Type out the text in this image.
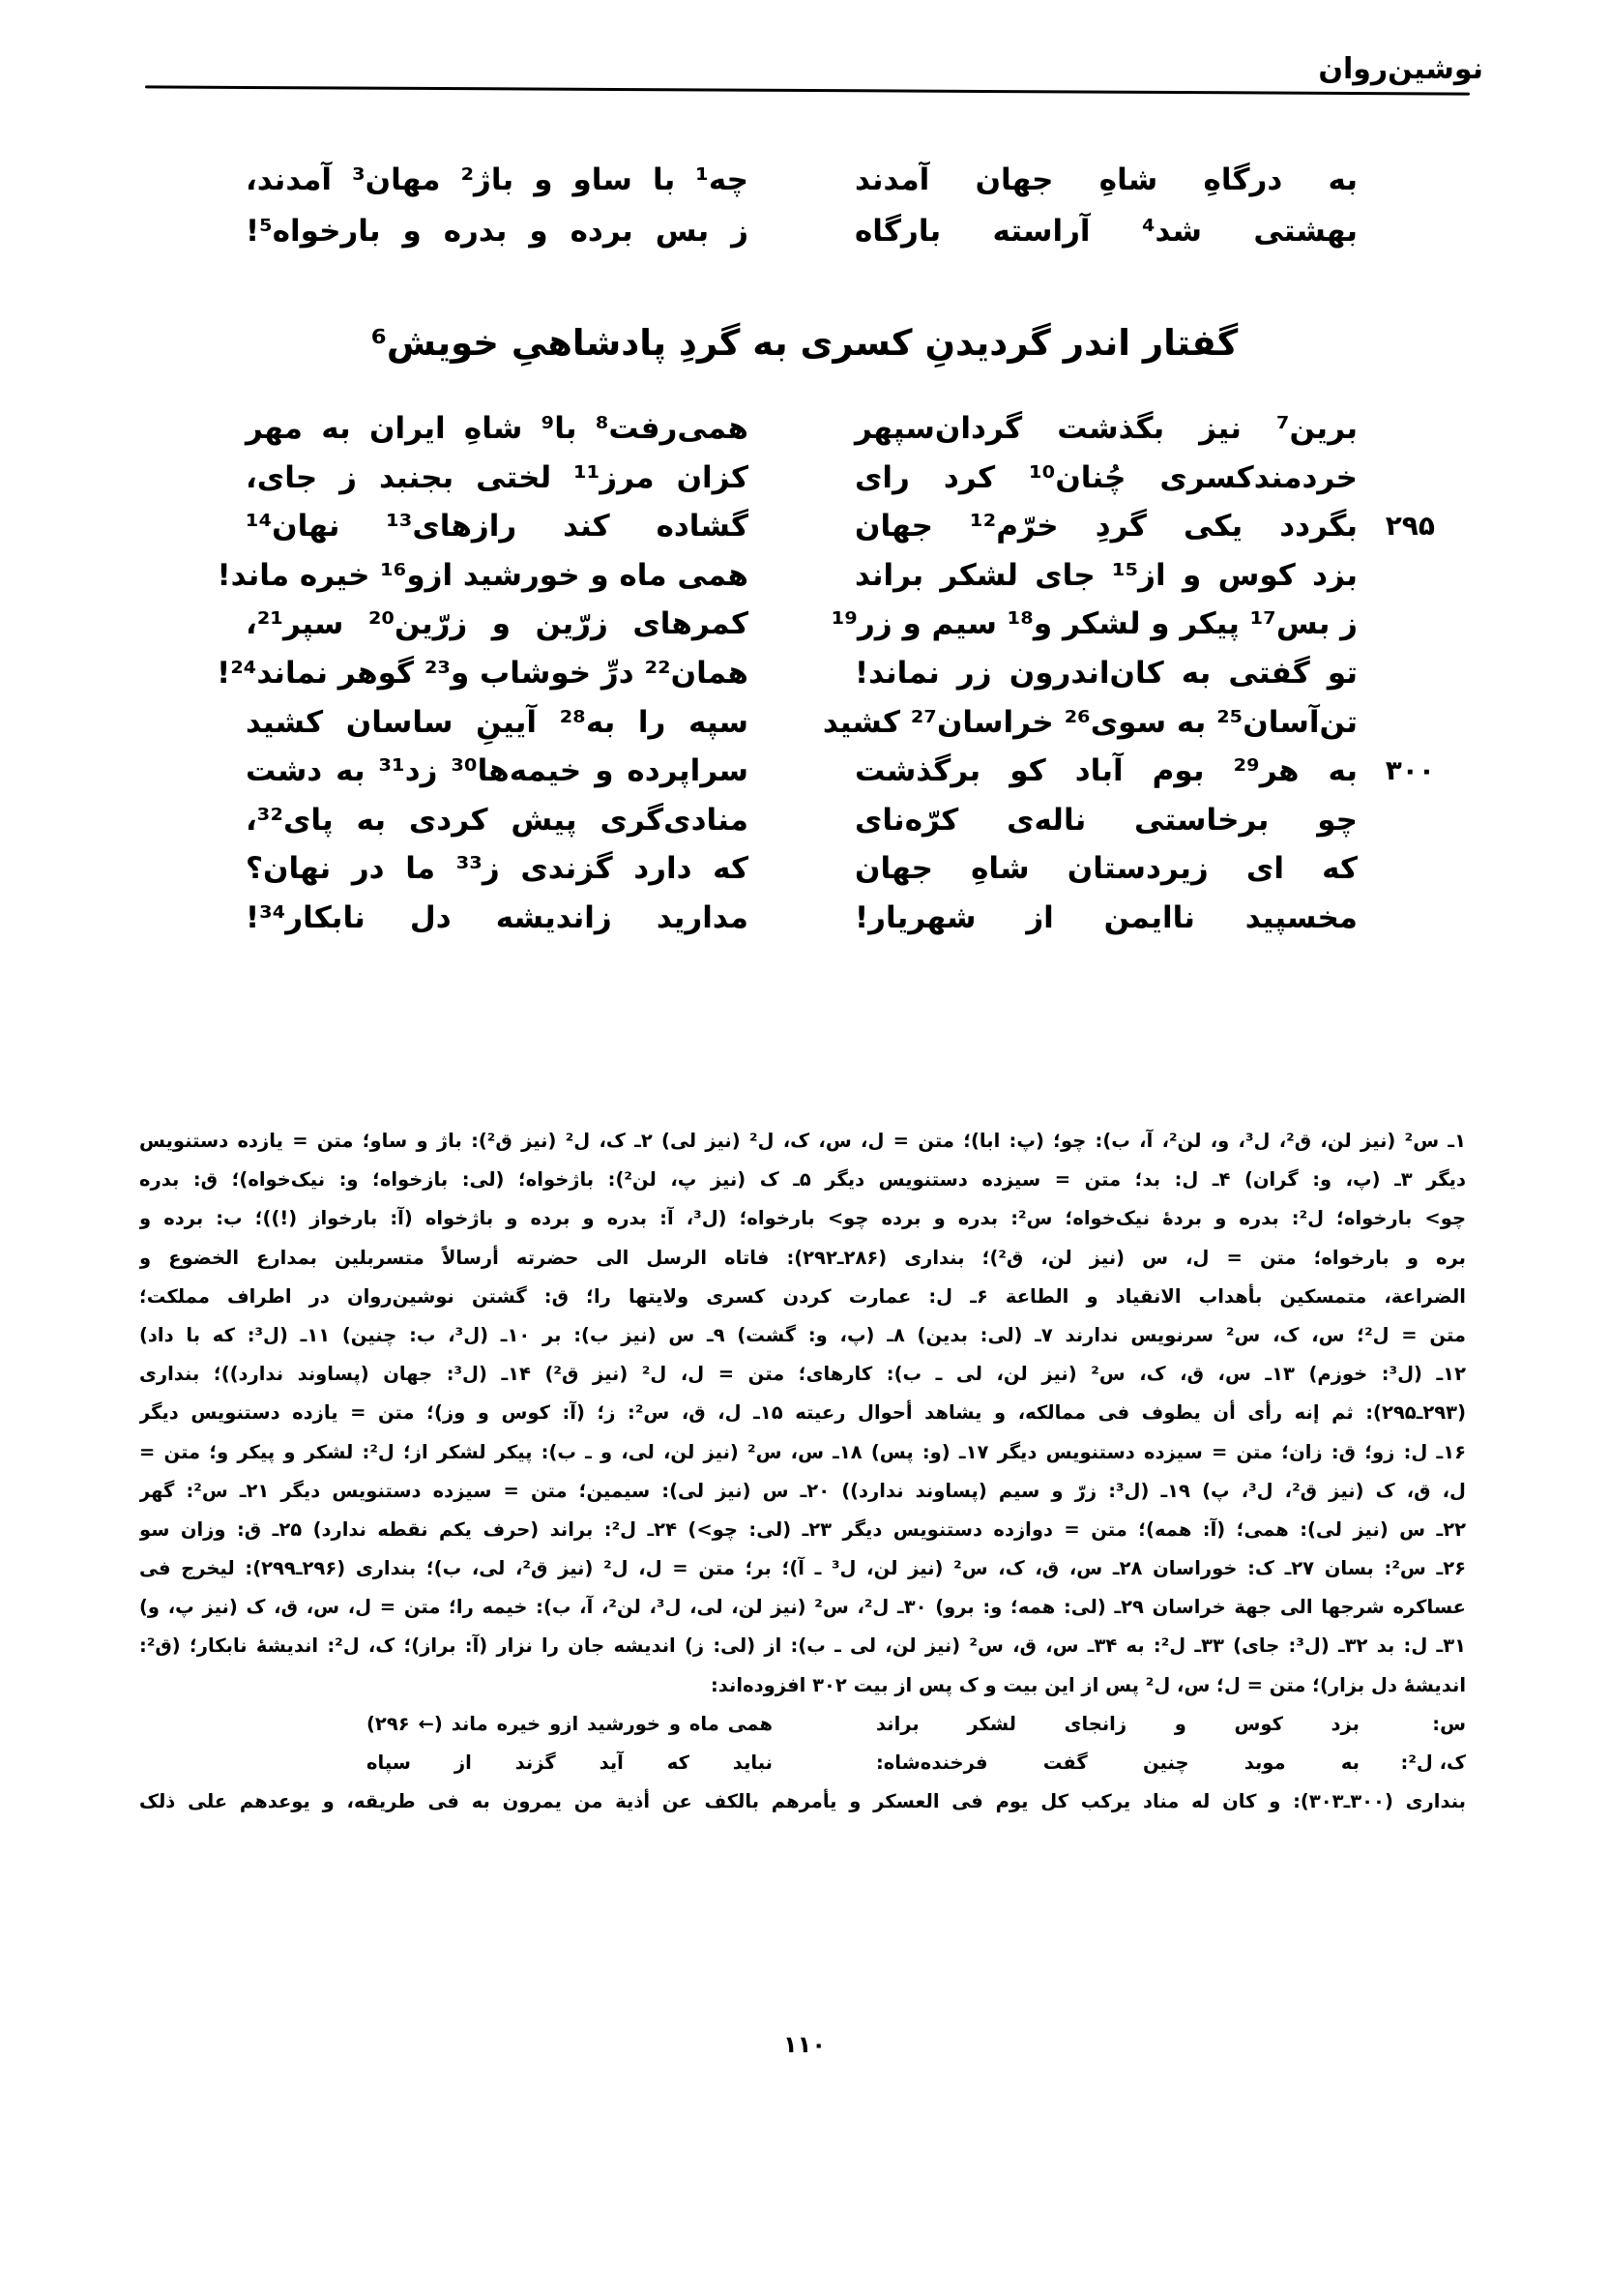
نوشین‌روان
به درگاهِ شاهِ جهان آمدند
چه¹ با ساو و باژ² مهان³ آمدند،
بهشتی شد⁴ آراسته بارگاه
ز بس برده و بدره و بارخواه⁵!
گفتار اندر گردیدنِ کسری به گردِ پادشاهیِ خویش⁶
برین⁷ نیز بگذشت گردان‌سپهر
همی‌رفت⁸ با⁹ شاهِ ایران به مهر
خردمندکسری چُنان¹⁰ کرد رای
کزان مرز¹¹ لختی بجنبد ز جای،
۲۹۵
بگردد یکی گردِ خرّم¹² جهان
گشاده کند رازهای¹³ نهان¹⁴
بزد کوس و از¹⁵ جای لشکر براند
همی ماه و خورشید ازو¹⁶ خیره ماند!
ز بس¹⁷ پیکر و لشکر و¹⁸ سیم و زر¹⁹
کمرهای زرّین و زرّین²⁰ سپر²¹،
تو گفتی به کان‌اندرون زر نماند!
همان²² درِّ خوشاب و²³ گوهر نماند²⁴!
تن‌آسان²⁵ به سوی²⁶ خراسان²⁷ کشید
سپه را به²⁸ آیینِ ساسان کشید
۳۰۰
به هر²⁹ بوم آباد کو برگذشت
سراپرده و خیمه‌ها³⁰ زد³¹ به دشت
چو برخاستی ناله‌ی کرّه‌نای
منادی‌گری پیش کردی به پای³²،
که ای زیردستان شاهِ جهان
که دارد گزندی ز³³ ما در نهان؟
مخسپید ناایمن از شهریار!
مدارید زاندیشه دل نابکار³⁴!
۱ـ س² (نیز لن، ق²، ل³، و، لن²، آ، ب): چو؛ (پ: ابا)؛ متن = ل، س، ک، ل² (نیز لی) ۲ـ ک، ل² (نیز ق²): باژ و ساو؛ متن = یازده دستنویس
دیگر ۳ـ (پ، و: گران) ۴ـ ل: بد؛ متن = سیزده دستنویس دیگر ۵ـ ک (نیز پ، لن²): باژخواه؛ (لی: بازخواه؛ و: نیک‌خواه)؛ ق: بدره
چو> بارخواه؛ ل²: بدره و بردهٔ نیک‌خواه؛ س²: بدره و برده چو> بارخواه؛ (ل³، آ: بدره و برده و باژخواه (آ: بارخواز (!))؛ ب: برده و
بره و بارخواه؛ متن = ل، س (نیز لن، ق²)؛ بنداری (۲۸۶ـ۲۹۲): فاتاه الرسل الی حضرته أرسالاً متسربلین بمدارع الخضوع و
الضراعة، متمسکین بأهداب الانقیاد و الطاعة ۶ـ ل: عمارت کردن کسری ولایتها را؛ ق: گشتن نوشین‌روان در اطراف مملکت؛
متن = ل²؛ س، ک، س² سرنویس ندارند ۷ـ (لی: بدین) ۸ـ (پ، و: گشت) ۹ـ س (نیز ب): بر ۱۰ـ (ل³، ب: چنین) ۱۱ـ (ل³: که با داد)
۱۲ـ (ل³: خوزم) ۱۳ـ س، ق، ک، س² (نیز لن، لی ـ ب): کارهای؛ متن = ل، ل² (نیز ق²) ۱۴ـ (ل³: جهان (پساوند ندارد))؛ بنداری
(۲۹۳ـ۲۹۵): ثم إنه رأی أن یطوف فی ممالکه، و یشاهد أحوال رعیته ۱۵ـ ل، ق، س²: ز؛ (آ: کوس و وز)؛ متن = یازده دستنویس دیگر
۱۶ـ ل: زو؛ ق: زان؛ متن = سیزده دستنویس دیگر ۱۷ـ (و: پس) ۱۸ـ س، س² (نیز لن، لی، و ـ ب): پیکر لشکر از؛ ل²: لشکر و پیکر و؛ متن =
ل، ق، ک (نیز ق²، ل³، پ) ۱۹ـ (ل³: زرّ و سیم (پساوند ندارد)) ۲۰ـ س (نیز لی): سیمین؛ متن = سیزده دستنویس دیگر ۲۱ـ س²: گهر
۲۲ـ س (نیز لی): همی؛ (آ: همه)؛ متن = دوازده دستنویس دیگر ۲۳ـ (لی: چو>) ۲۴ـ ل²: براند (حرف یکم نقطه ندارد) ۲۵ـ ق: وزان سو
۲۶ـ س²: بسان ۲۷ـ ک: خوراسان ۲۸ـ س، ق، ک، س² (نیز لن، ل³ ـ آ)؛ بر؛ متن = ل، ل² (نیز ق²، لی، ب)؛ بنداری (۲۹۶ـ۲۹۹): لیخرج فی
عساکره شرجها الی جهة خراسان ۲۹ـ (لی: همه؛ و: برو) ۳۰ـ ل²، س² (نیز لن، لی، ل³، لن²، آ، ب): خیمه را؛ متن = ل، س، ق، ک (نیز پ، و)
۳۱ـ ل: بد ۳۲ـ (ل³: جای) ۳۳ـ ل²: به ۳۴ـ س، ق، س² (نیز لن، لی ـ ب): از (لی: ز) اندیشه جان را نزار (آ: براز)؛ ک، ل²: اندیشهٔ نابکار؛ (ق²:
اندیشهٔ دل بزار)؛ متن = ل؛ س، ل² پس از این بیت و ک پس از بیت ۳۰۲ افزوده‌اند:
س:
بزد کوس و زانجای لشکر براند
همی ماه و خورشید ازو خیره ماند (← ۲۹۶)
ک، ل²:
به موبد چنین گفت فرخنده‌شاه:
نباید که آید گزند از سپاه
بنداری (۳۰۰ـ۳۰۳): و کان له مناد یرکب کل یوم فی العسکر و یأمرهم بالکف عن أذیة من یمرون به فی طریقه، و یوعدهم علی ذلک
۱۱۰
